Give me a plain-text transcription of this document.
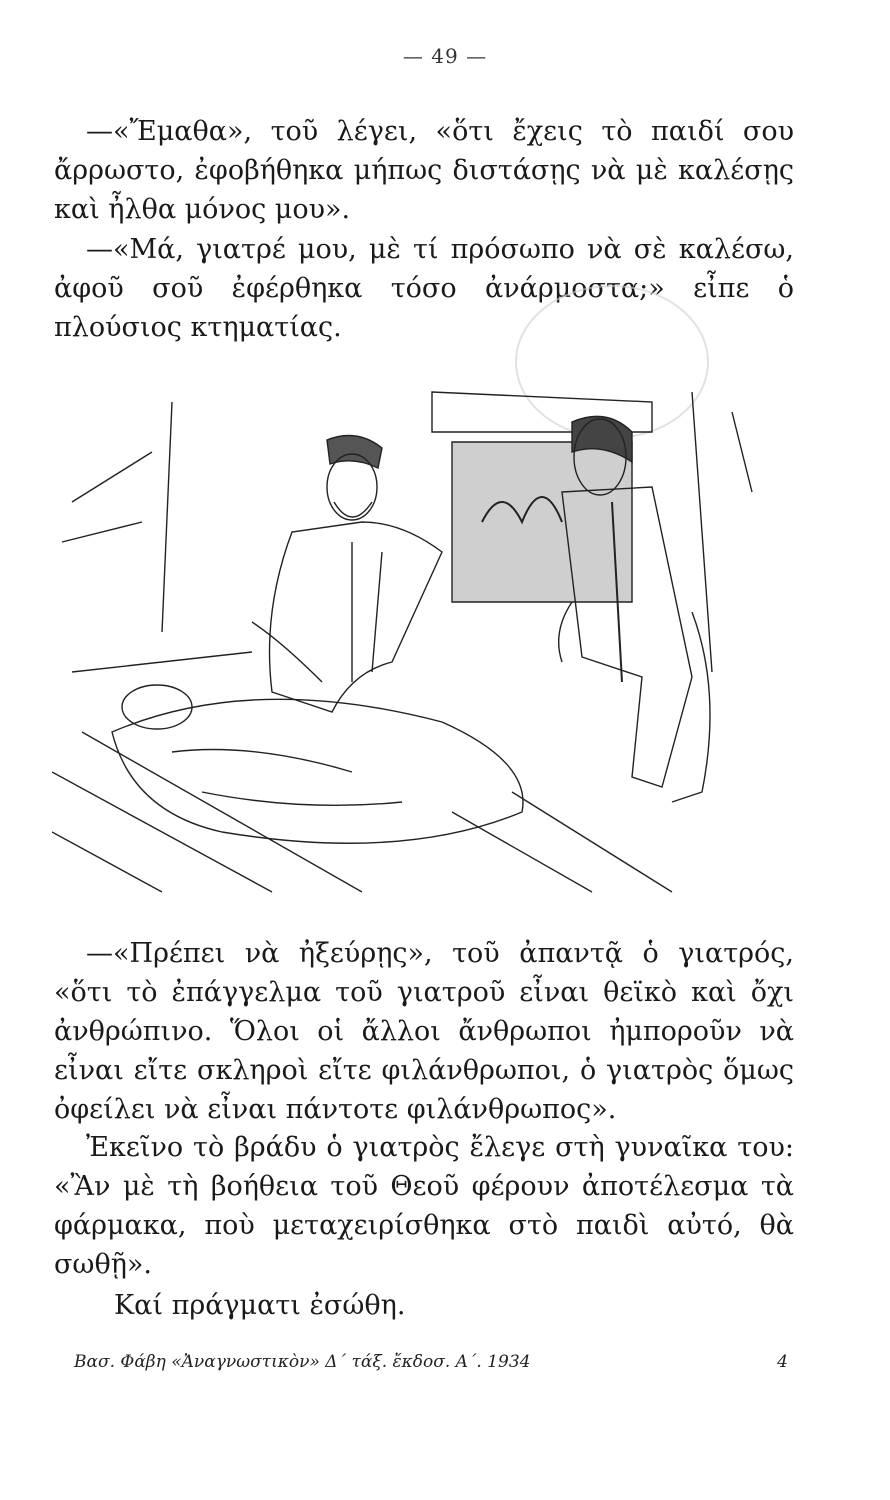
— 49 —

—«Ἔμαθα», τοῦ λέγει, «ὅτι ἔχεις τὸ παιδί σου ἄρρωστο, ἐφοβήθηκα μήπως διστάσῃς νὰ μὲ καλέσῃς καὶ ἦλθα μόνος μου».

—«Μά, γιατρέ μου, μὲ τί πρόσωπο νὰ σὲ καλέσω, ἀφοῦ σοῦ ἐφέρθηκα τόσο ἀνάρμοστα;» εἶπε ὁ πλούσιος κτηματίας.

—«Πρέπει νὰ ἠξεύρῃς», τοῦ ἀπαντᾷ ὁ γιατρός, «ὅτι τὸ ἐπάγγελμα τοῦ γιατροῦ εἶναι θεϊκὸ καὶ ὄχι ἀνθρώπινο. Ὅλοι οἱ ἄλλοι ἄνθρωποι ἠμποροῦν νὰ εἶναι εἴτε σκληροὶ εἴτε φιλάνθρωποι, ὁ γιατρὸς ὅμως ὀφείλει νὰ εἶναι πάντοτε φιλάνθρωπος».

Ἐκεῖνο τὸ βράδυ ὁ γιατρὸς ἔλεγε στὴ γυναῖκα του: «Ἂν μὲ τὴ βοήθεια τοῦ Θεοῦ φέρουν ἀποτέλεσμα τὰ φάρμακα, ποὺ μεταχειρίσθηκα στὸ παιδὶ αὐτό, θὰ σωθῇ».

Καί πράγματι ἐσώθη.

Βασ. Φάβη «Ἀναγνωστικὸν» Δ΄ τάξ. ἔκδοσ. Α΄. 1934	4
